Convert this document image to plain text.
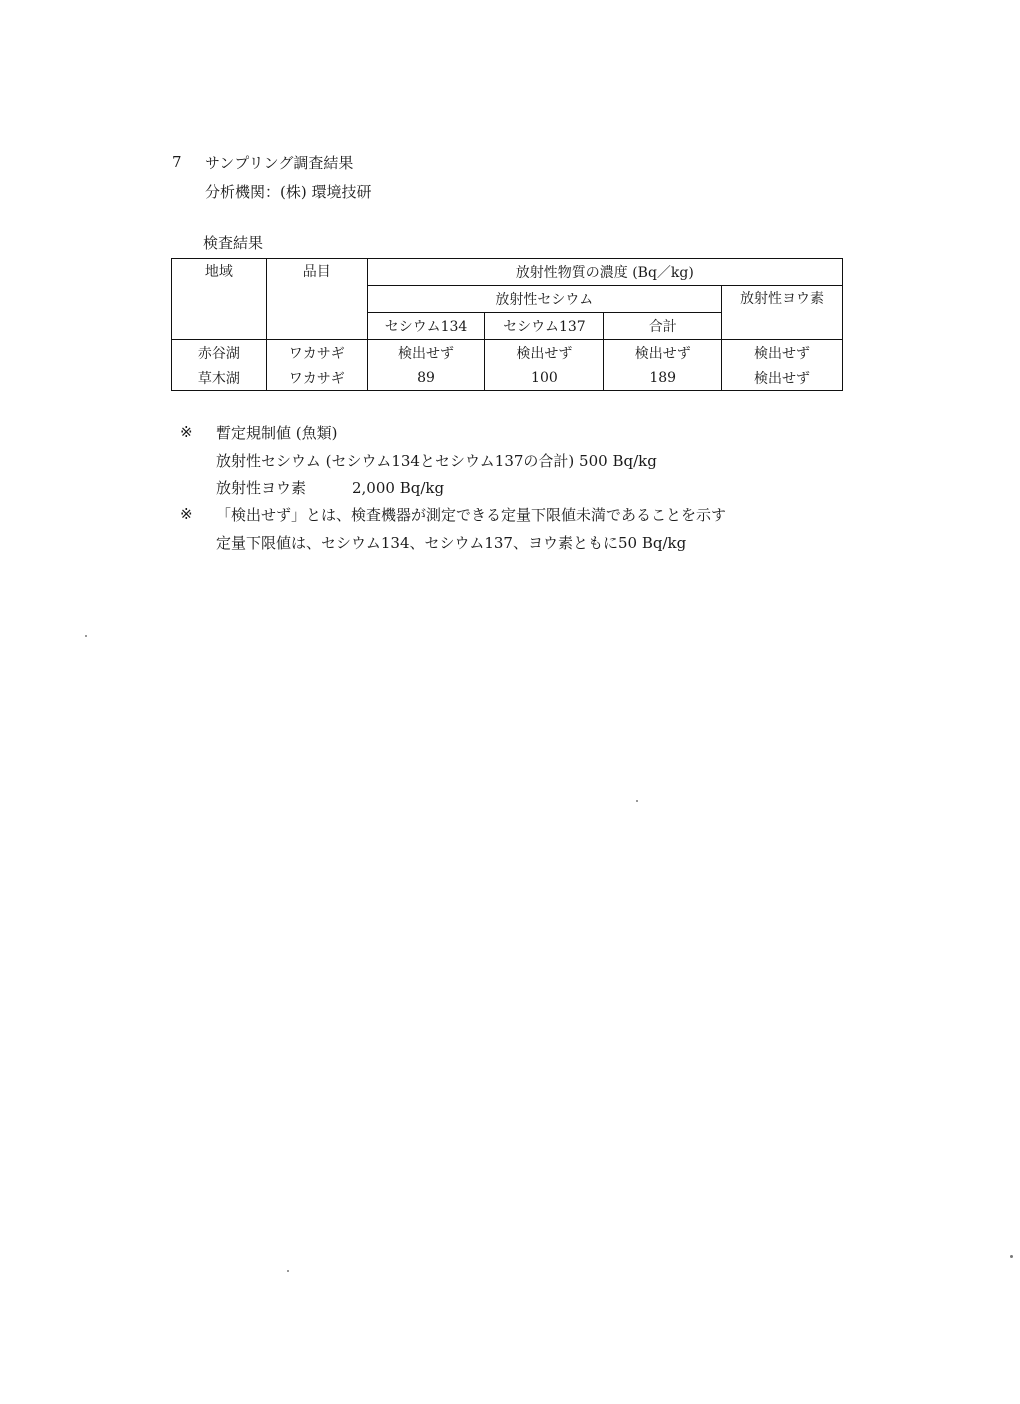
7 サンプリング調査結果
分析機関：(株) 環境技研
検査結果
地域	品目	放射性物質の濃度 (Bq／kg)			
		放射性セシウム			放射性ヨウ素
		セシウム134	セシウム137	合計	
赤谷湖	ワカサギ	検出せず	検出せず	検出せず	検出せず
草木湖	ワカサギ	89	100	189	検出せず
※ 暫定規制値 (魚類)
放射性セシウム (セシウム134とセシウム137の合計) 500 Bq/kg
放射性ヨウ素	2,000 Bq/kg
※ 「検出せず」とは、検査機器が測定できる定量下限値未満であることを示す
定量下限値は、セシウム134、セシウム137、ヨウ素ともに50 Bq/kg
